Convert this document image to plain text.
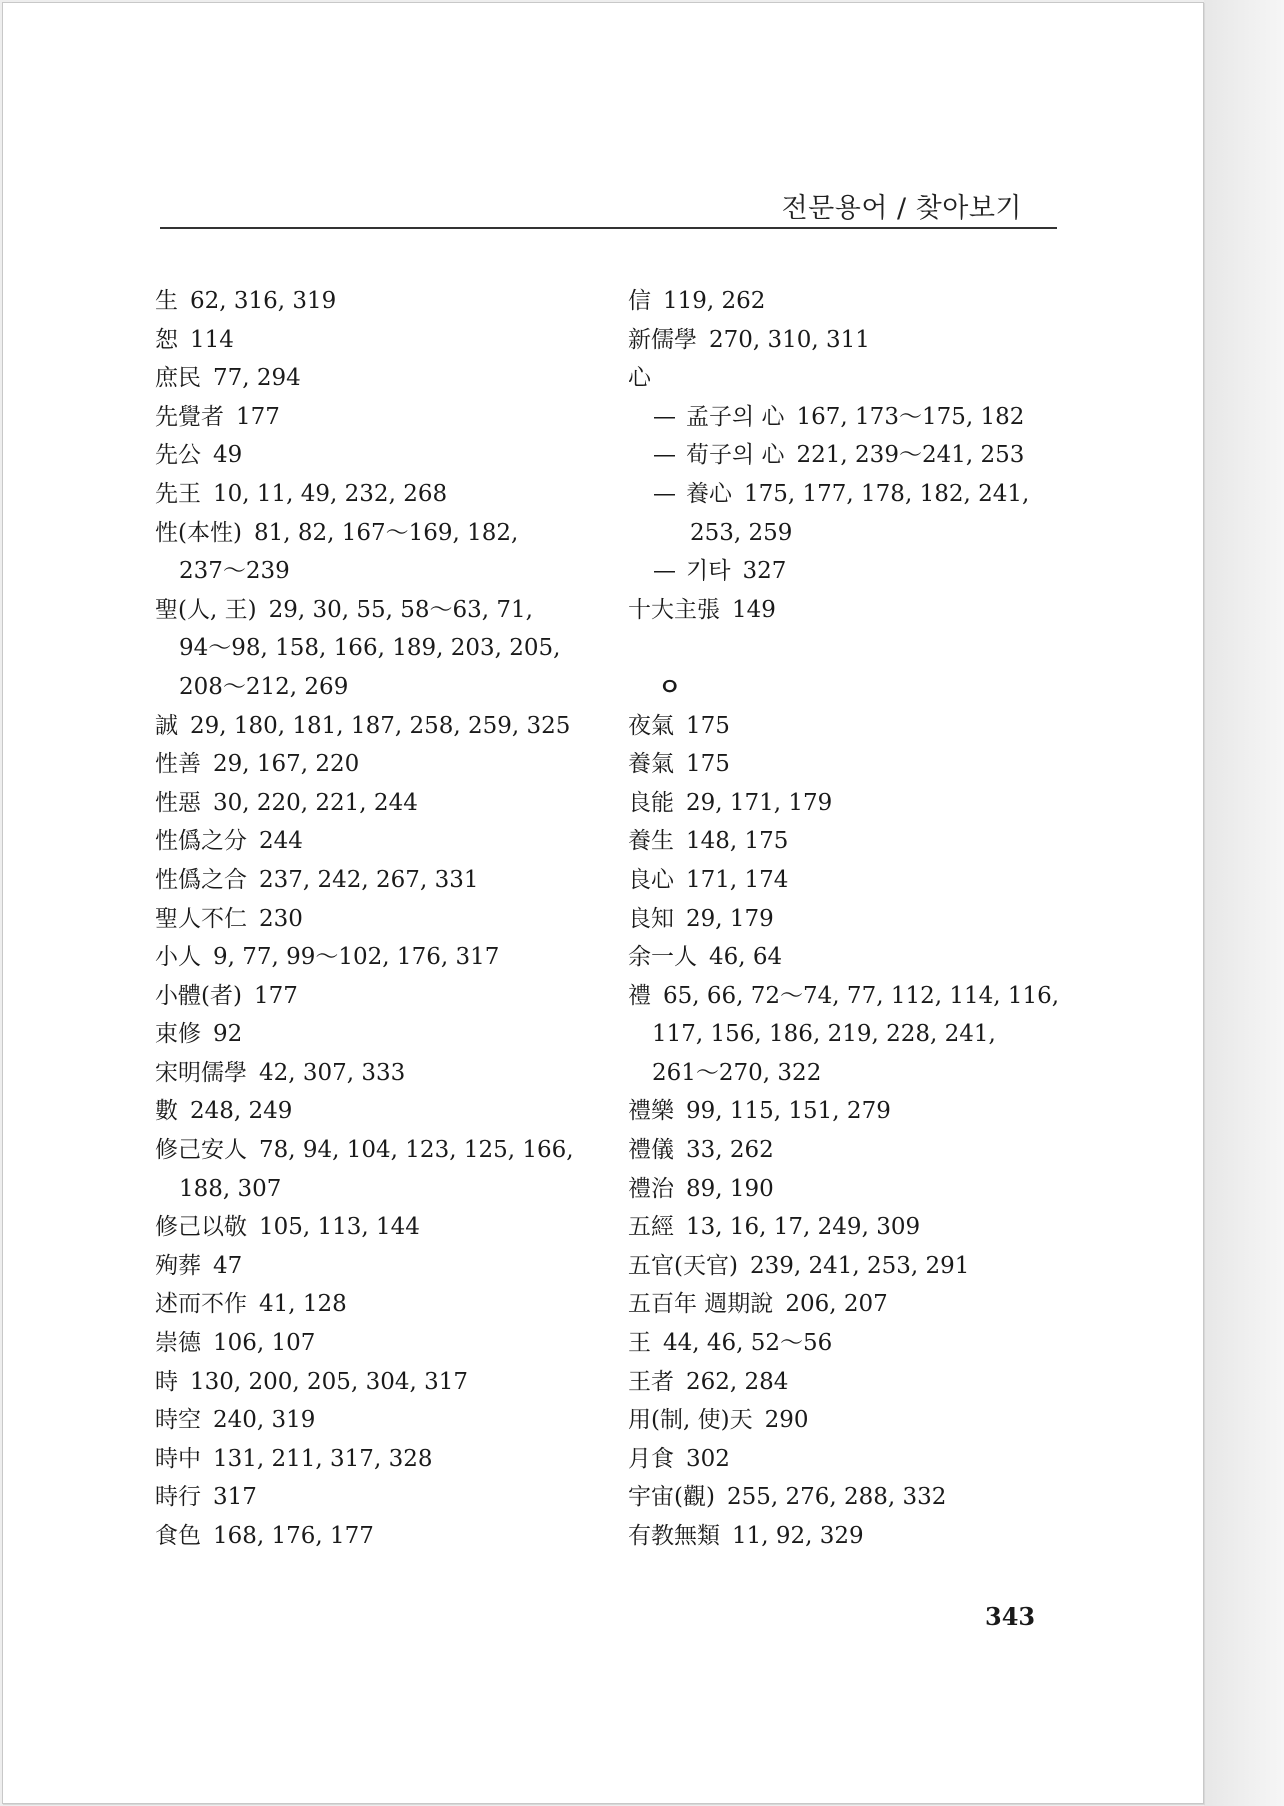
전문용어 / 찾아보기
生 62, 316, 319
恕 114
庶民 77, 294
先覺者 177
先公 49
先王 10, 11, 49, 232, 268
性(本性) 81, 82, 167～169, 182,
237～239
聖(人, 王) 29, 30, 55, 58～63, 71,
94～98, 158, 166, 189, 203, 205,
208～212, 269
誠 29, 180, 181, 187, 258, 259, 325
性善 29, 167, 220
性惡 30, 220, 221, 244
性僞之分 244
性僞之合 237, 242, 267, 331
聖人不仁 230
小人 9, 77, 99～102, 176, 317
小體(者) 177
束修 92
宋明儒學 42, 307, 333
數 248, 249
修己安人 78, 94, 104, 123, 125, 166,
188, 307
修己以敬 105, 113, 144
殉葬 47
述而不作 41, 128
崇德 106, 107
時 130, 200, 205, 304, 317
時空 240, 319
時中 131, 211, 317, 328
時行 317
食色 168, 176, 177
信 119, 262
新儒學 270, 310, 311
心
— 孟子의 心 167, 173～175, 182
— 荀子의 心 221, 239～241, 253
— 養心 175, 177, 178, 182, 241,
253, 259
— 기타 327
十大主張 149
ㅇ
夜氣 175
養氣 175
良能 29, 171, 179
養生 148, 175
良心 171, 174
良知 29, 179
余一人 46, 64
禮 65, 66, 72～74, 77, 112, 114, 116,
117, 156, 186, 219, 228, 241,
261～270, 322
禮樂 99, 115, 151, 279
禮儀 33, 262
禮治 89, 190
五經 13, 16, 17, 249, 309
五官(天官) 239, 241, 253, 291
五百年 週期說 206, 207
王 44, 46, 52～56
王者 262, 284
用(制, 使)天 290
月食 302
宇宙(觀) 255, 276, 288, 332
有教無類 11, 92, 329
343
